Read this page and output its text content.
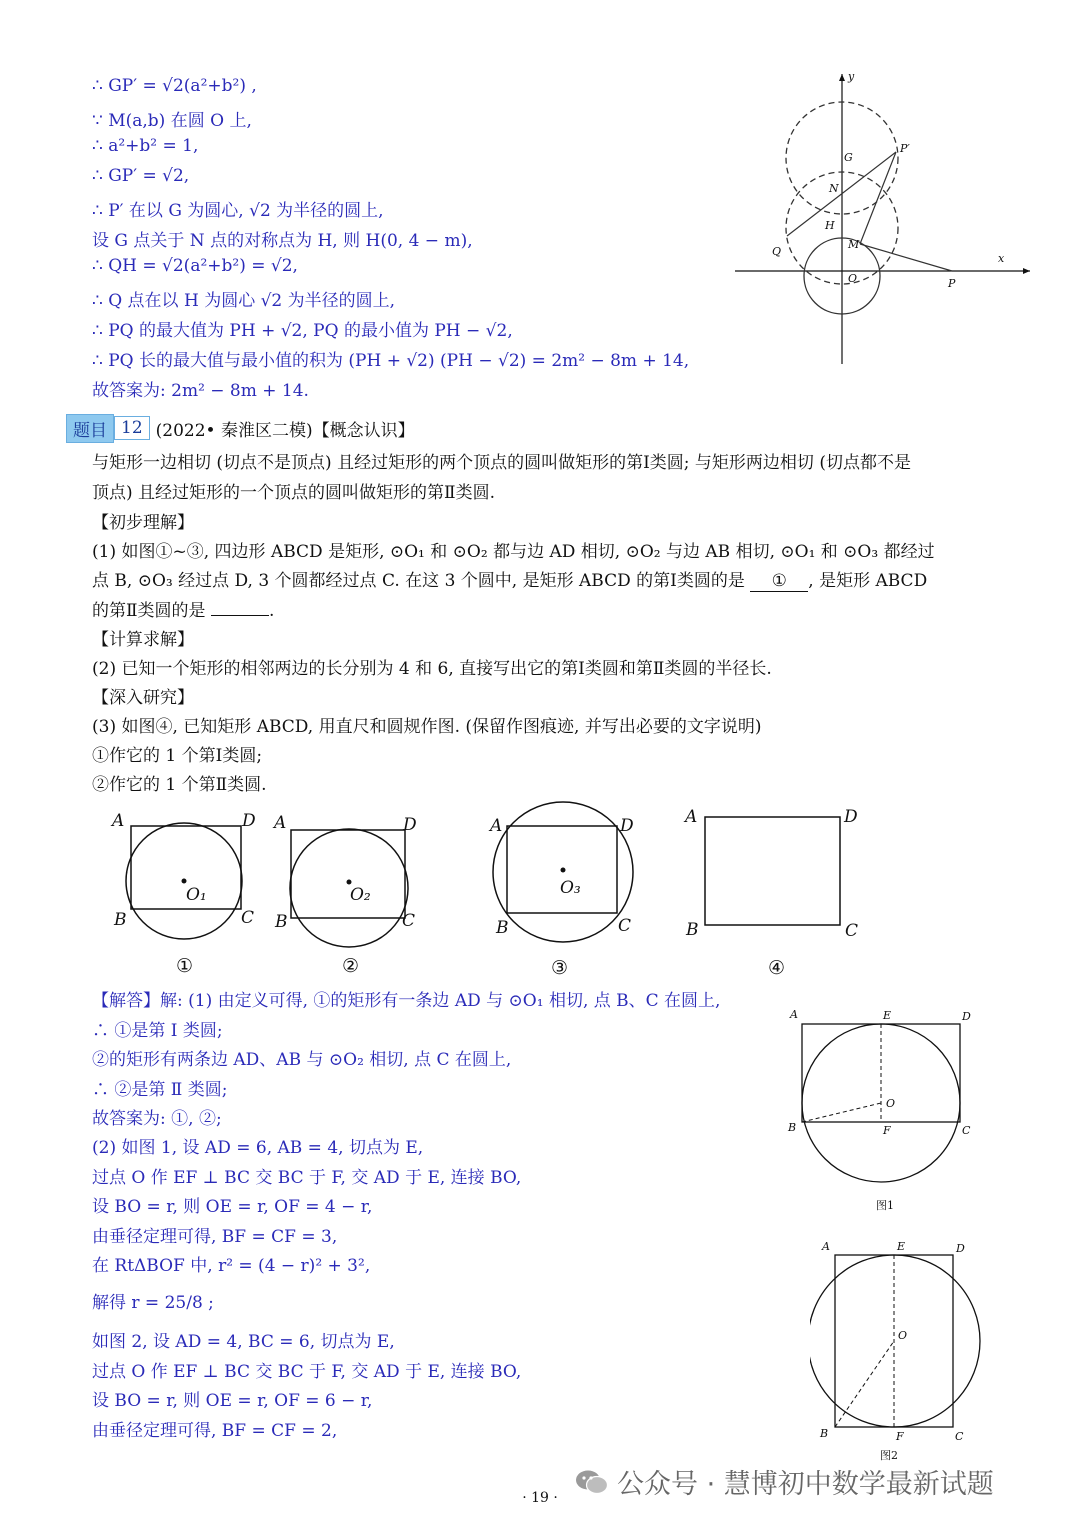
∴ GP′ = √2(a²+b²) ,
∵ M(a,b) 在圆 O 上,
∴ a²+b² = 1,
∴ GP′ = √2,
∴ P′ 在以 G 为圆心, √2 为半径的圆上,
设 G 点关于 N 点的对称点为 H, 则 H(0, 4 − m),
∴ QH = √2(a²+b²) = √2,
∴ Q 点在以 H 为圆心 √2 为半径的圆上,
∴ PQ 的最大值为 PH + √2, PQ 的最小值为 PH − √2,
∴ PQ 长的最大值与最小值的积为 (PH + √2) (PH − √2) = 2m² − 8m + 14,
故答案为: 2m² − 8m + 14.
x
y
G
P′
N
H
M
Q
O	P
题目 12 (2022• 秦淮区二模)【概念认识】
与矩形一边相切 (切点不是顶点) 且经过矩形的两个顶点的圆叫做矩形的第Ⅰ类圆; 与矩形两边相切 (切点都不是
顶点) 且经过矩形的一个顶点的圆叫做矩形的第Ⅱ类圆.
【初步理解】
(1) 如图①~③, 四边形 ABCD 是矩形, ⊙O₁ 和 ⊙O₂ 都与边 AD 相切, ⊙O₂ 与边 AB 相切, ⊙O₁ 和 ⊙O₃ 都经过
点 B, ⊙O₃ 经过点 D, 3 个圆都经过点 C. 在这 3 个圆中, 是矩形 ABCD 的第Ⅰ类圆的是 ① , 是矩形 ABCD
的第Ⅱ类圆的是	.
【计算求解】
(2) 已知一个矩形的相邻两边的长分别为 4 和 6, 直接写出它的第Ⅰ类圆和第Ⅱ类圆的半径长.
【深入研究】
(3) 如图④, 已知矩形 ABCD, 用直尺和圆规作图. (保留作图痕迹, 并写出必要的文字说明)
①作它的 1 个第Ⅰ类圆;
②作它的 1 个第Ⅱ类圆.
A	D
B	C
O₁
①
A	D
B	C
O₂
②
A	D
B	C
O₃
③
A	D
B	C
④
【解答】解: (1) 由定义可得, ①的矩形有一条边 AD 与 ⊙O₁ 相切, 点 B、C 在圆上,
∴ ①是第 Ⅰ 类圆;
②的矩形有两条边 AD、AB 与 ⊙O₂ 相切, 点 C 在圆上,
∴ ②是第 Ⅱ 类圆;
故答案为: ①, ②;
(2) 如图 1, 设 AD = 6, AB = 4, 切点为 E,
过点 O 作 EF ⊥ BC 交 BC 于 F, 交 AD 于 E, 连接 BO,
设 BO = r, 则 OE = r, OF = 4 − r,
由垂径定理可得, BF = CF = 3,
在 RtΔBOF 中, r² = (4 − r)² + 3²,
解得 r = 25/8 ;
如图 2, 设 AD = 4, BC = 6, 切点为 E,
过点 O 作 EF ⊥ BC 交 BC 于 F, 交 AD 于 E, 连接 BO,
设 BO = r, 则 OE = r, OF = 6 − r,
由垂径定理可得, BF = CF = 2,
A	E	D
O
B	F	C
图1
A	E	D
O
B	F	C
图2
公众号 · 慧博初中数学最新试题
· 19 ·
